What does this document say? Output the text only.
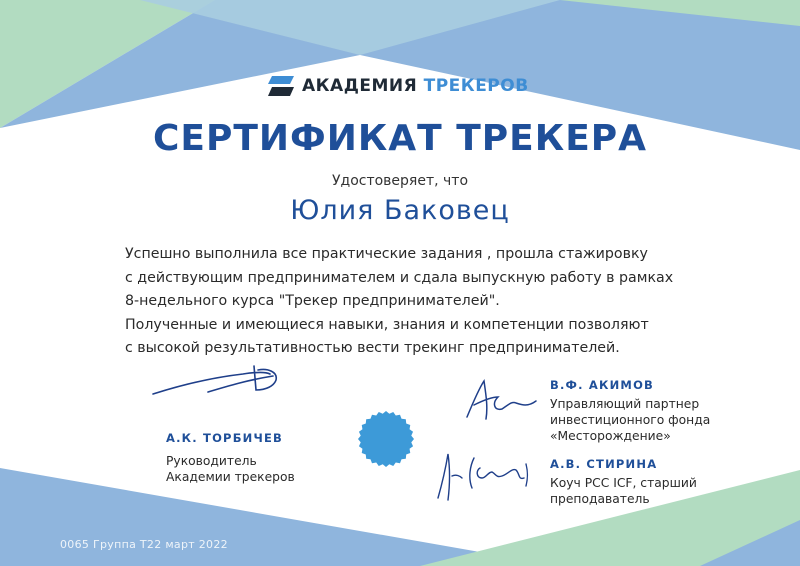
АКАДЕМИЯ ТРЕКЕРОВ
СЕРТИФИКАТ ТРЕКЕРА
Удостоверяет, что
Юлия Баковец

Успешно выполнила все практические задания , прошла стажировку

с действующим предпринимателем и сдала выпускную работу в рамках

8-недельного курса "Трекер предпринимателей".

Полученные и имеющиеся навыки, знания и компетенции позволяют

с высокой результативностью вести трекинг предпринимателей.

А.К. ТОРБИЧЕВ
Руководитель
Академии трекеров
В.Ф. АКИМОВ
Управляющий партнер
инвестиционного фонда
«Месторождение»
А.В. СТИРИНА
Коуч PCC ICF, старший
преподаватель
0065 Группа Т22 март 2022
